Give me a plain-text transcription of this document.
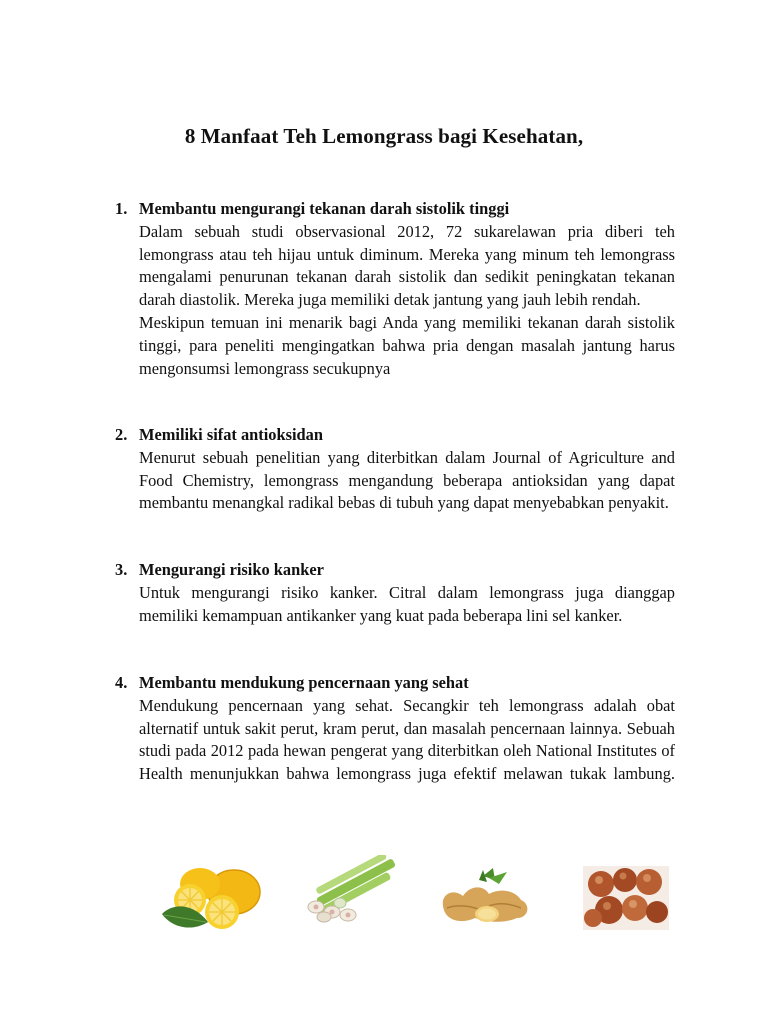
8 Manfaat Teh Lemongrass bagi Kesehatan,
1. Membantu mengurangi tekanan darah sistolik tinggi

Dalam sebuah studi observasional 2012, 72 sukarelawan pria diberi teh lemongrass atau teh hijau untuk diminum. Mereka yang minum teh lemongrass mengalami penurunan tekanan darah sistolik dan sedikit peningkatan tekanan darah diastolik. Mereka juga memiliki detak jantung yang jauh lebih rendah.

Meskipun temuan ini menarik bagi Anda yang memiliki tekanan darah sistolik tinggi, para peneliti mengingatkan bahwa pria dengan masalah jantung harus mengonsumsi lemongrass secukupnya

2. Memiliki sifat antioksidan

Menurut sebuah penelitian yang diterbitkan dalam Journal of Agriculture and Food Chemistry, lemongrass mengandung beberapa antioksidan yang dapat membantu menangkal radikal bebas di tubuh yang dapat menyebabkan penyakit.

3. Mengurangi risiko kanker

Untuk mengurangi risiko kanker. Citral dalam lemongrass juga dianggap memiliki kemampuan antikanker yang kuat pada beberapa lini sel kanker.

4. Membantu mendukung pencernaan yang sehat

Mendukung pencernaan yang sehat. Secangkir teh lemongrass adalah obat alternatif untuk sakit perut, kram perut, dan masalah pencernaan lainnya. Sebuah studi pada 2012 pada hewan pengerat yang diterbitkan oleh National Institutes of Health menunjukkan bahwa lemongrass juga efektif melawan tukak lambung.
